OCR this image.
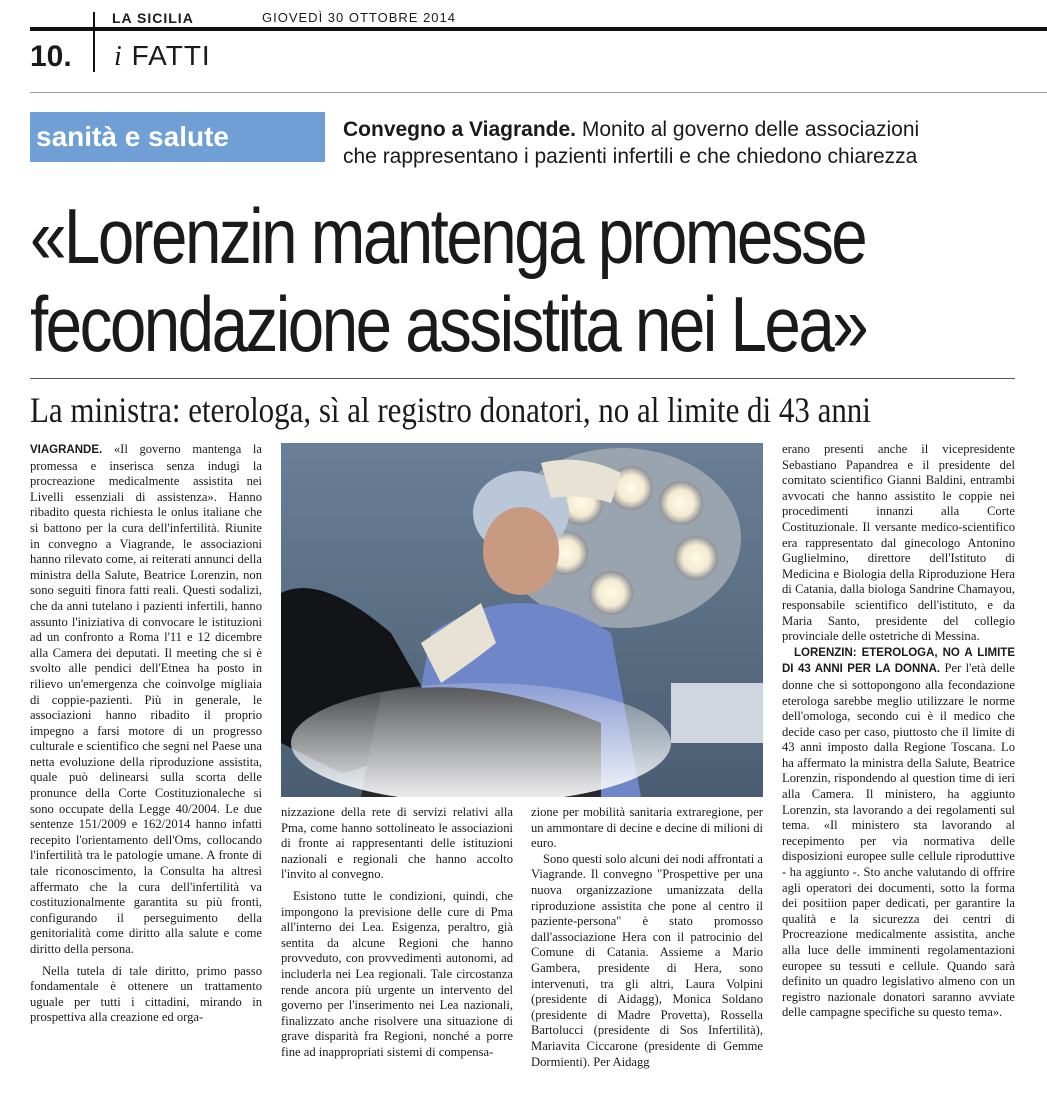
LA SICILIA	GIOVEDÌ 30 OTTOBRE 2014
10. i FATTI
sanità e salute	Convegno a Viagrande. Monito al governo delle associazioni
che rappresentano i pazienti infertili e che chiedono chiarezza
«Lorenzin mantenga promesse
fecondazione assistita nei Lea»
La ministra: eterologa, sì al registro donatori, no al limite di 43 anni

VIAGRANDE. «Il governo mantenga la promessa e inserisca senza indugi la procreazione medicalmente assistita nei Livelli essenziali di assistenza». Hanno ribadito questa richiesta le onlus italiane che si battono per la cura dell'infertilità. Riunite in convegno a Viagrande, le associazioni hanno rilevato come, ai reiterati annunci della ministra della Salute, Beatrice Lorenzin, non sono seguiti finora fatti reali. Questi sodalizi, che da anni tutelano i pazienti infertili, hanno assunto l'iniziativa di convocare le istituzioni ad un confronto a Roma l'11 e 12 dicembre alla Camera dei deputati. Il meeting che si è svolto alle pendici dell'Etnea ha posto in rilievo un'emergenza che coinvolge migliaia di coppie-pazienti. Più in generale, le associazioni hanno ribadito il proprio impegno a farsi motore di un progresso culturale e scientifico che segni nel Paese una netta evoluzione della riproduzione assistita, quale può delinearsi sulla scorta delle pronunce della Corte Costituzionaleche si sono occupate della Legge 40/2004. Le due sentenze 151/2009 e 162/2014 hanno infatti recepito l'orientamento dell'Oms, collocando l'infertilità tra le patologie umane. A fronte di tale riconoscimento, la Consulta ha altresì affermato che la cura dell'infertilità va costituzionalmente garantita su più fronti, configurando il perseguimento della genitorialità come diritto alla salute e come diritto della persona.

Nella tutela di tale diritto, primo passo fondamentale è ottenere un trattamento uguale per tutti i cittadini, mirando in prospettiva alla creazione ed orga-

nizzazione della rete di servizi relativi alla Pma, come hanno sottolineato le associazioni di fronte ai rappresentanti delle istituzioni nazionali e regionali che hanno accolto l'invito al convegno.

Esistono tutte le condizioni, quindi, che impongono la previsione delle cure di Pma all'interno dei Lea. Esigenza, peraltro, già sentita da alcune Regioni che hanno provveduto, con provvedimenti autonomi, ad includerla nei Lea regionali. Tale circostanza rende ancora più urgente un intervento del governo per l'inserimento nei Lea nazionali, finalizzato anche risolvere una situazione di grave disparità fra Regioni, nonché a porre fine ad inappropriati sistemi di compensa-

zione per mobilità sanitaria extraregione, per un ammontare di decine e decine di milioni di euro.

Sono questi solo alcuni dei nodi affrontati a Viagrande. Il convegno "Prospettive per una nuova organizzazione umanizzata della riproduzione assistita che pone al centro il paziente-persona" è stato promosso dall'associazione Hera con il patrocinio del Comune di Catania. Assieme a Mario Gambera, presidente di Hera, sono intervenuti, tra gli altri, Laura Volpini (presidente di Aidagg), Monica Soldano (presidente di Madre Provetta), Rossella Bartolucci (presidente di Sos Infertilità), Mariavita Ciccarone (presidente di Gemme Dormienti). Per Aidagg

erano presenti anche il vicepresidente Sebastiano Papandrea e il presidente del comitato scientifico Gianni Baldini, entrambi avvocati che hanno assistito le coppie nei procedimenti innanzi alla Corte Costituzionale. Il versante medico-scientifico era rappresentato dal ginecologo Antonino Guglielmino, direttore dell'Istituto di Medicina e Biologia della Riproduzione Hera di Catania, dalla biologa Sandrine Chamayou, responsabile scientifico dell'istituto, e da Maria Santo, presidente del collegio provinciale delle ostetriche di Messina.

LORENZIN: ETEROLOGA, NO A LIMITE DI 43 ANNI PER LA DONNA. Per l'età delle donne che si sottopongono alla fecondazione eterologa sarebbe meglio utilizzare le norme dell'omologa, secondo cui è il medico che decide caso per caso, piuttosto che il limite di 43 anni imposto dalla Regione Toscana. Lo ha affermato la ministra della Salute, Beatrice Lorenzin, rispondendo al question time di ieri alla Camera. Il ministero, ha aggiunto Lorenzin, sta lavorando a dei regolamenti sul tema. «Il ministero sta lavorando al recepimento per via normativa delle disposizioni europee sulle cellule riproduttive - ha aggiunto -. Sto anche valutando di offrire agli operatori dei documenti, sotto la forma dei positiion paper dedicati, per garantire la qualità e la sicurezza dei centri di Procreazione medicalmente assistita, anche alla luce delle imminenti regolamentazioni europee su tessuti e cellule. Quando sarà definito un quadro legislativo almeno con un registro nazionale donatori saranno avviate delle campagne specifiche su questo tema».
